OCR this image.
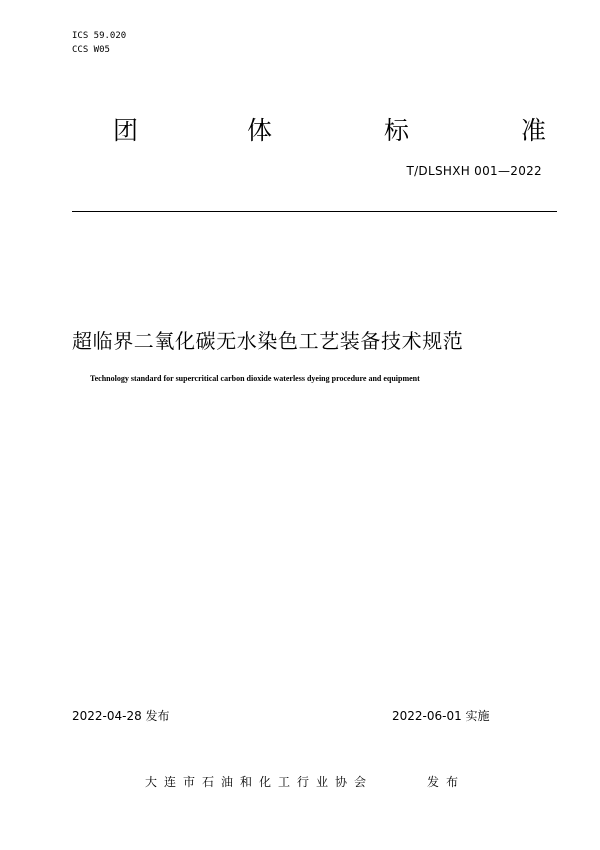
ICS 59.020
CCS W05
团	体	标	准
T/DLSHXH 001—2022
超临界二氧化碳无水染色工艺装备技术规范
Technology standard for supercritical carbon dioxide waterless dyeing procedure and equipment
2022-04-28 发布	2022-06-01 实施
大连市石油和化工行业协会	发布
